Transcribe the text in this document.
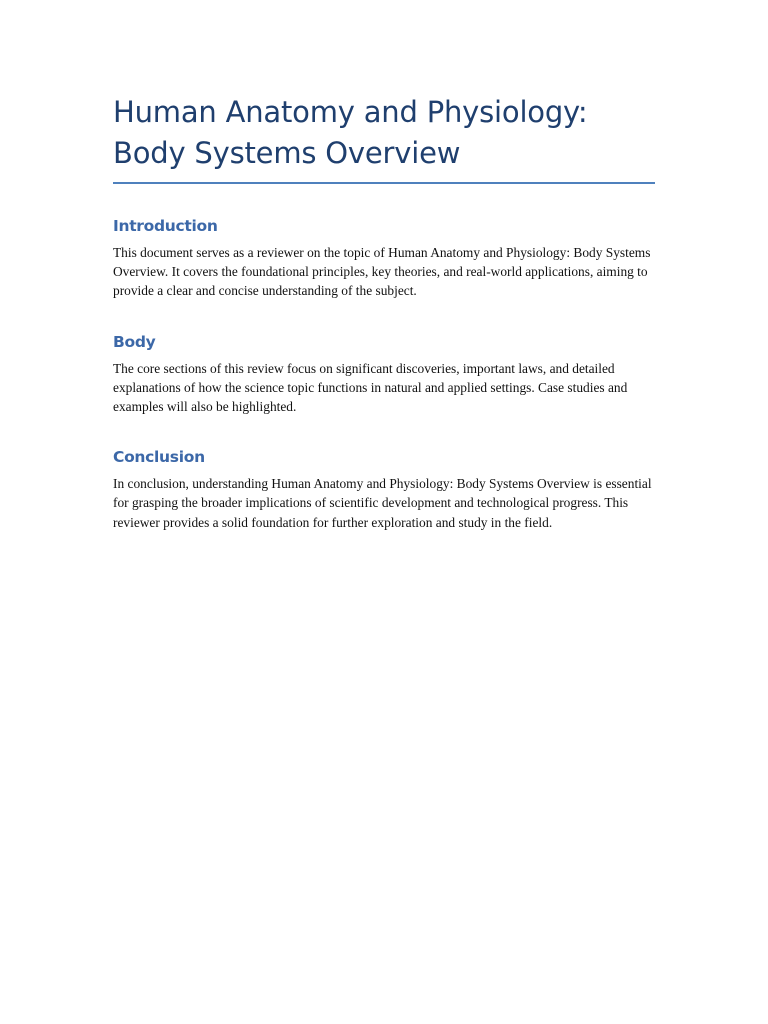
Human Anatomy and Physiology: Body Systems Overview
Introduction

This document serves as a reviewer on the topic of Human Anatomy and Physiology: Body Systems Overview. It covers the foundational principles, key theories, and real-world applications, aiming to provide a clear and concise understanding of the subject.

Body

The core sections of this review focus on significant discoveries, important laws, and detailed explanations of how the science topic functions in natural and applied settings. Case studies and examples will also be highlighted.

Conclusion

In conclusion, understanding Human Anatomy and Physiology: Body Systems Overview is essential for grasping the broader implications of scientific development and technological progress. This reviewer provides a solid foundation for further exploration and study in the field.
